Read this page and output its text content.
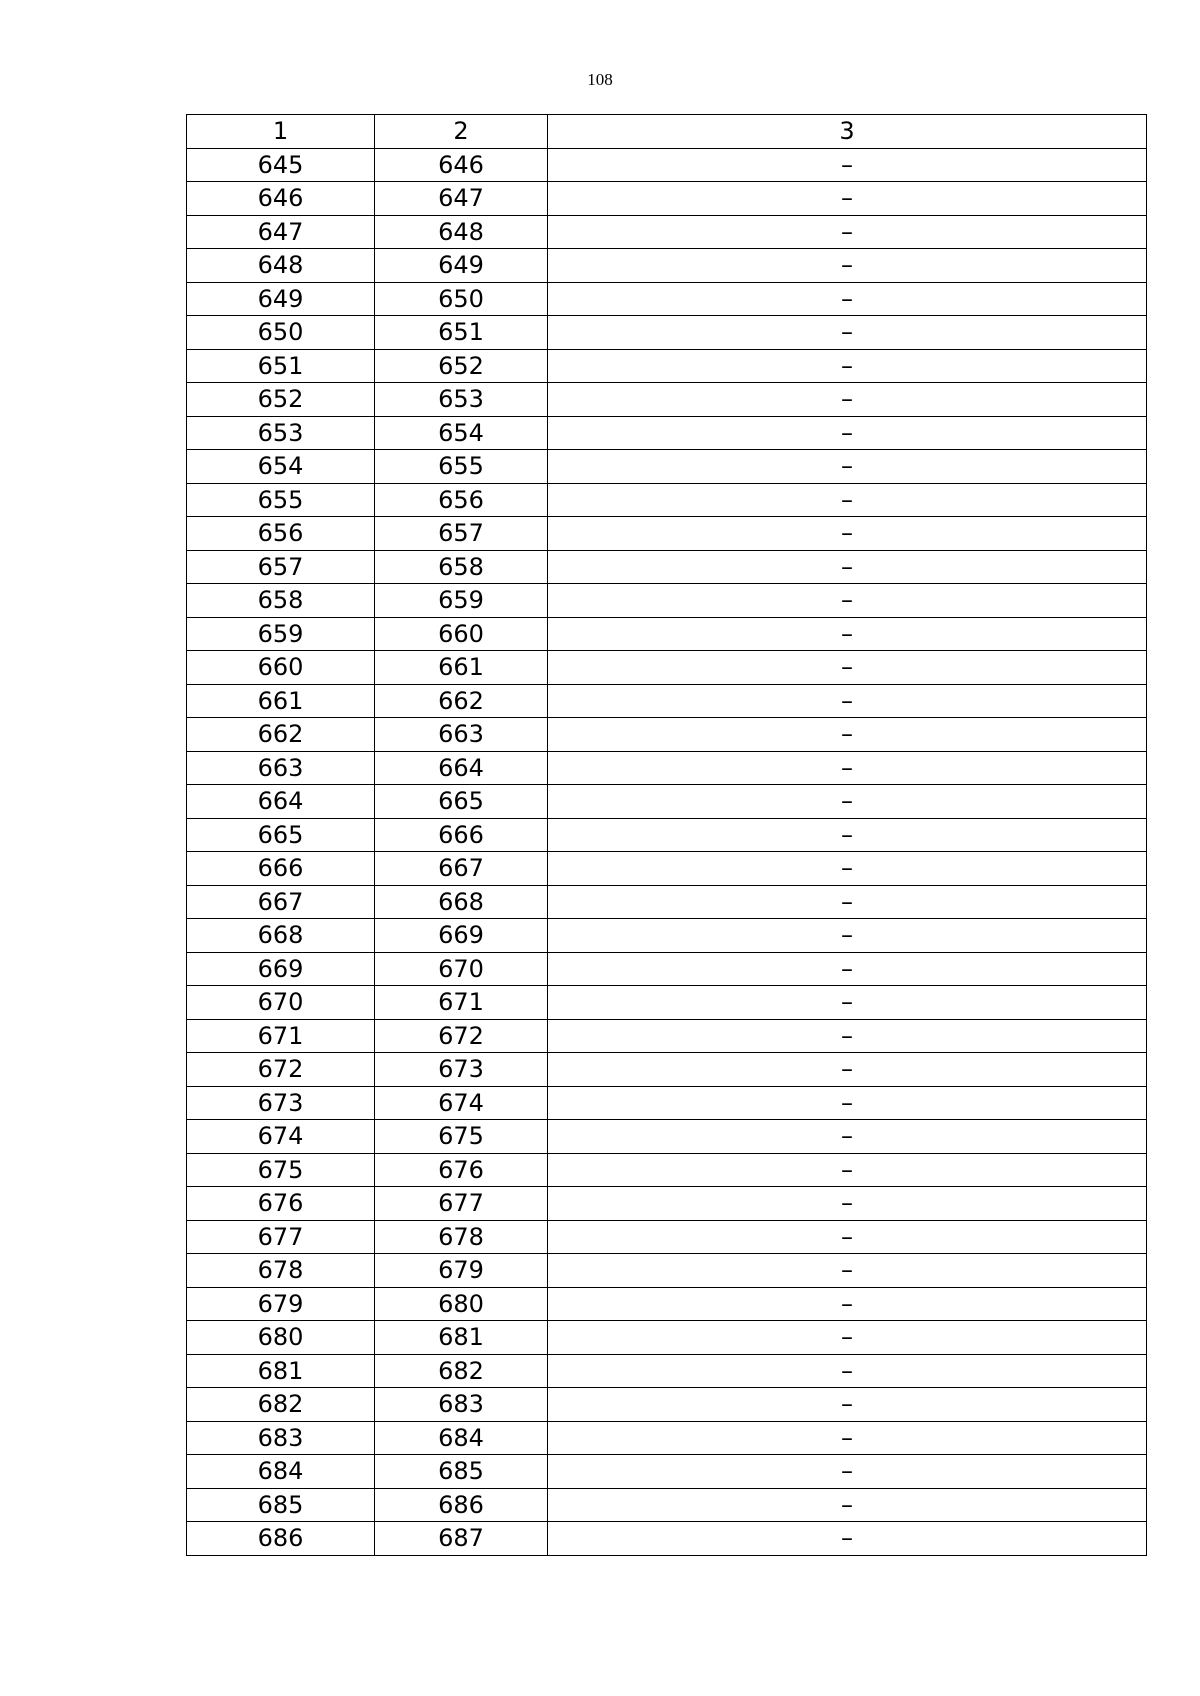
108
1	2	3
645	646	–
646	647	–
647	648	–
648	649	–
649	650	–
650	651	–
651	652	–
652	653	–
653	654	–
654	655	–
655	656	–
656	657	–
657	658	–
658	659	–
659	660	–
660	661	–
661	662	–
662	663	–
663	664	–
664	665	–
665	666	–
666	667	–
667	668	–
668	669	–
669	670	–
670	671	–
671	672	–
672	673	–
673	674	–
674	675	–
675	676	–
676	677	–
677	678	–
678	679	–
679	680	–
680	681	–
681	682	–
682	683	–
683	684	–
684	685	–
685	686	–
686	687	–
